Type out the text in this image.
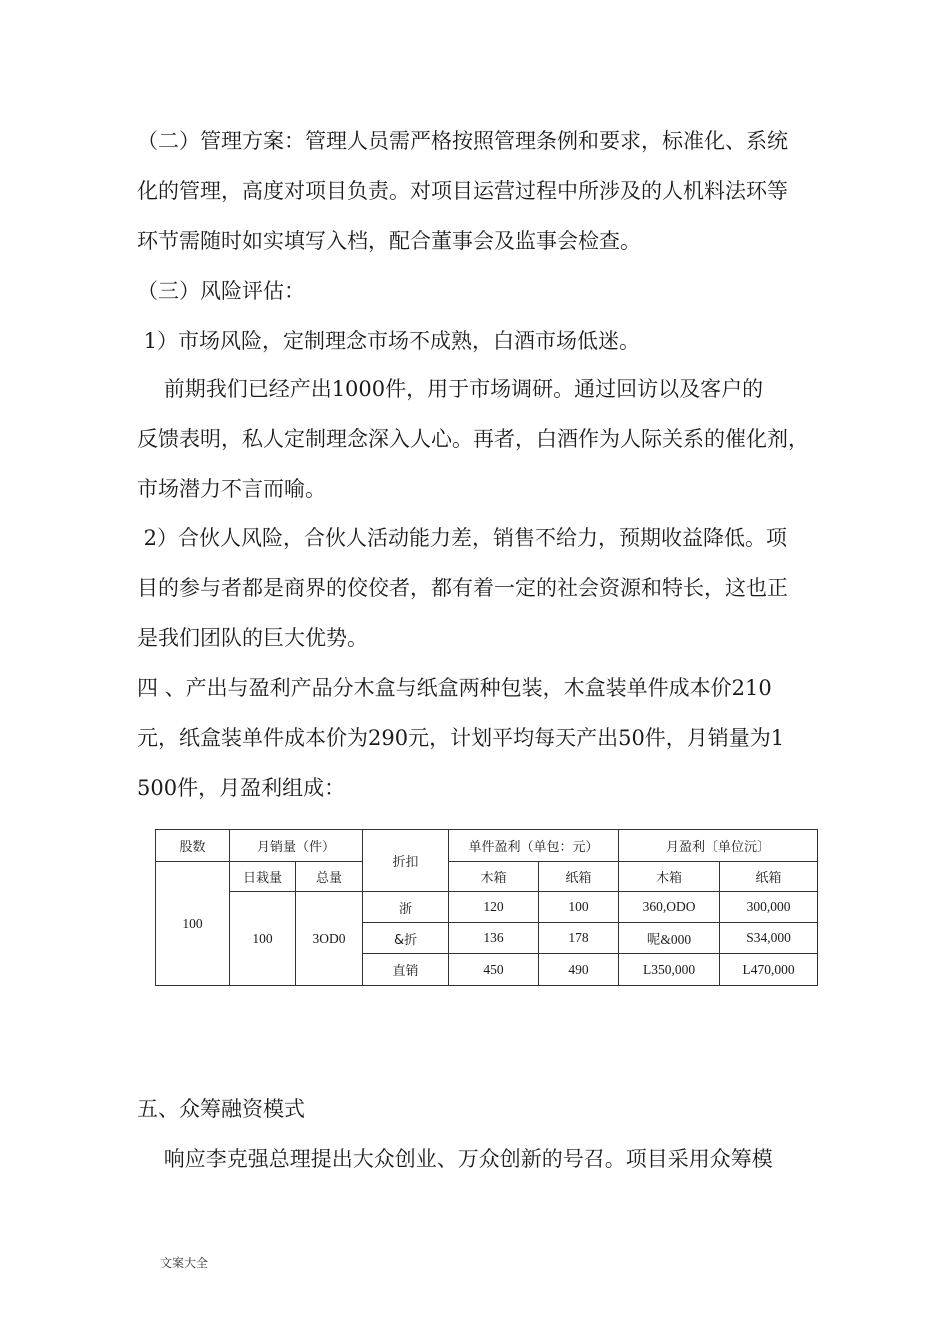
（二）管理方案：管理人员需严格按照管理条例和要求，标准化、系统
化的管理，高度对项目负责。对项目运营过程中所涉及的人机料法环等
环节需随时如实填写入档，配合董事会及监事会检查。
（三）风险评估：
1）市场风险，定制理念市场不成熟，白酒市场低迷。
前期我们已经产出1000件，用于市场调研。通过回访以及客户的
反馈表明，私人定制理念深入人心。再者，白酒作为人际关系的催化剂，
市场潜力不言而喻。
2）合伙人风险，合伙人活动能力差，销售不给力，预期收益降低。项
目的参与者都是商界的佼佼者，都有着一定的社会资源和特长，这也正
是我们团队的巨大优势。
四 、产出与盈利产品分木盒与纸盒两种包装，木盒装单件成本价210
元，纸盒装单件成本价为290元，计划平均每天产出50件，月销量为1
500件，月盈利组成：
股数	月销量（件）		折扣	单件盈利（单包：元）		月盈利〔单位沅〕	
100	日栽量	总量		木箱	纸箱	木箱	纸箱
	100	3OD0	浙	120	100	360,ODO	300,000
			&折	136	178	呢&000	S34,000
			直销	450	490	L350,000	L470,000
五、众筹融资模式
响应李克强总理提出大众创业、万众创新的号召。项目采用众筹模
文案大全
